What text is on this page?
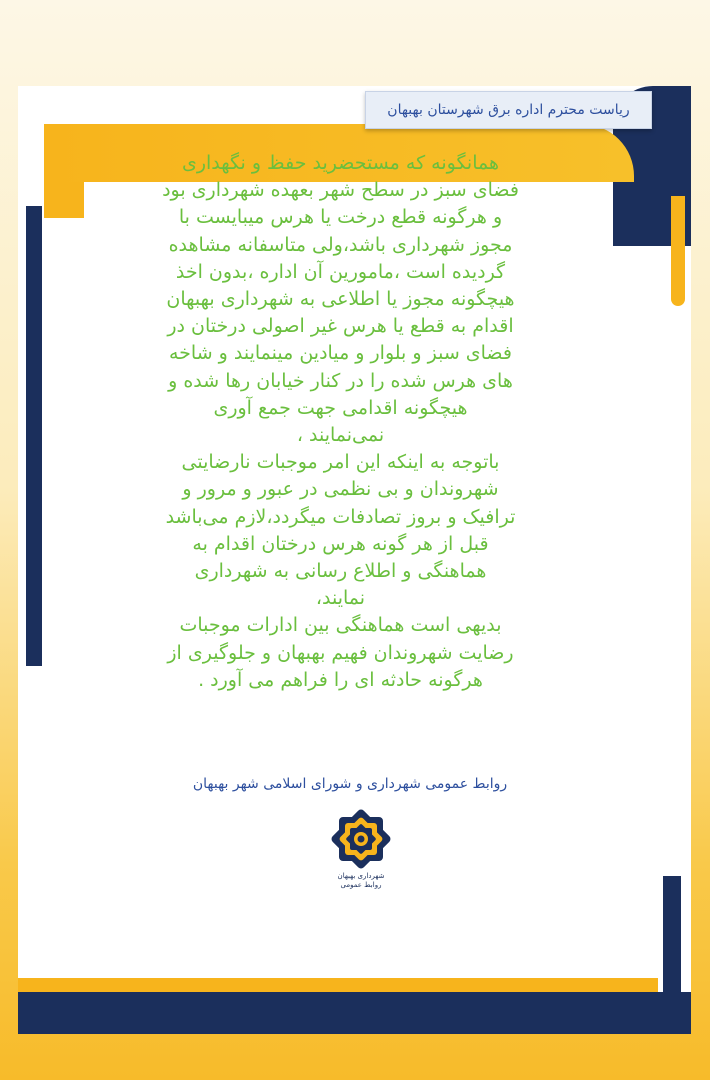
ریاست محترم اداره برق شهرستان بهبهان

همانگونه که مستحضرید حفظ و نگهداری
فضای سبز در سطح شهر بعهده شهرداری بود
و هرگونه قطع درخت یا هرس میبایست با
مجوز شهرداری باشد،ولی متاسفانه مشاهده
گردیده است ،مامورین آن اداره ،بدون اخذ
هیچگونه مجوز یا اطلاعی به شهرداری بهبهان
اقدام به قطع یا هرس غیر اصولی درختان در
فضای سبز و بلوار و میادین مینمایند و شاخه
های هرس شده را در کنار خیابان رها شده و
هیچگونه اقدامی جهت جمع آوری
نمی‌نمایند ،
باتوجه به اینکه این امر موجبات نارضایتی
شهروندان و بی نظمی در عبور و مرور و
ترافیک و بروز تصادفات میگردد،لازم می‌باشد
قبل از هر گونه هرس درختان اقدام به
هماهنگی و اطلاع رسانی به شهرداری
نمایند،
بدیهی است هماهنگی بین ادارات موجبات
رضایت شهروندان فهیم بهبهان و جلوگیری از
هرگونه حادثه ای را فراهم می آورد .

روابط عمومی شهرداری و شورای اسلامی شهر بهبهان
شهرداری بهبهان
روابط عمومی
